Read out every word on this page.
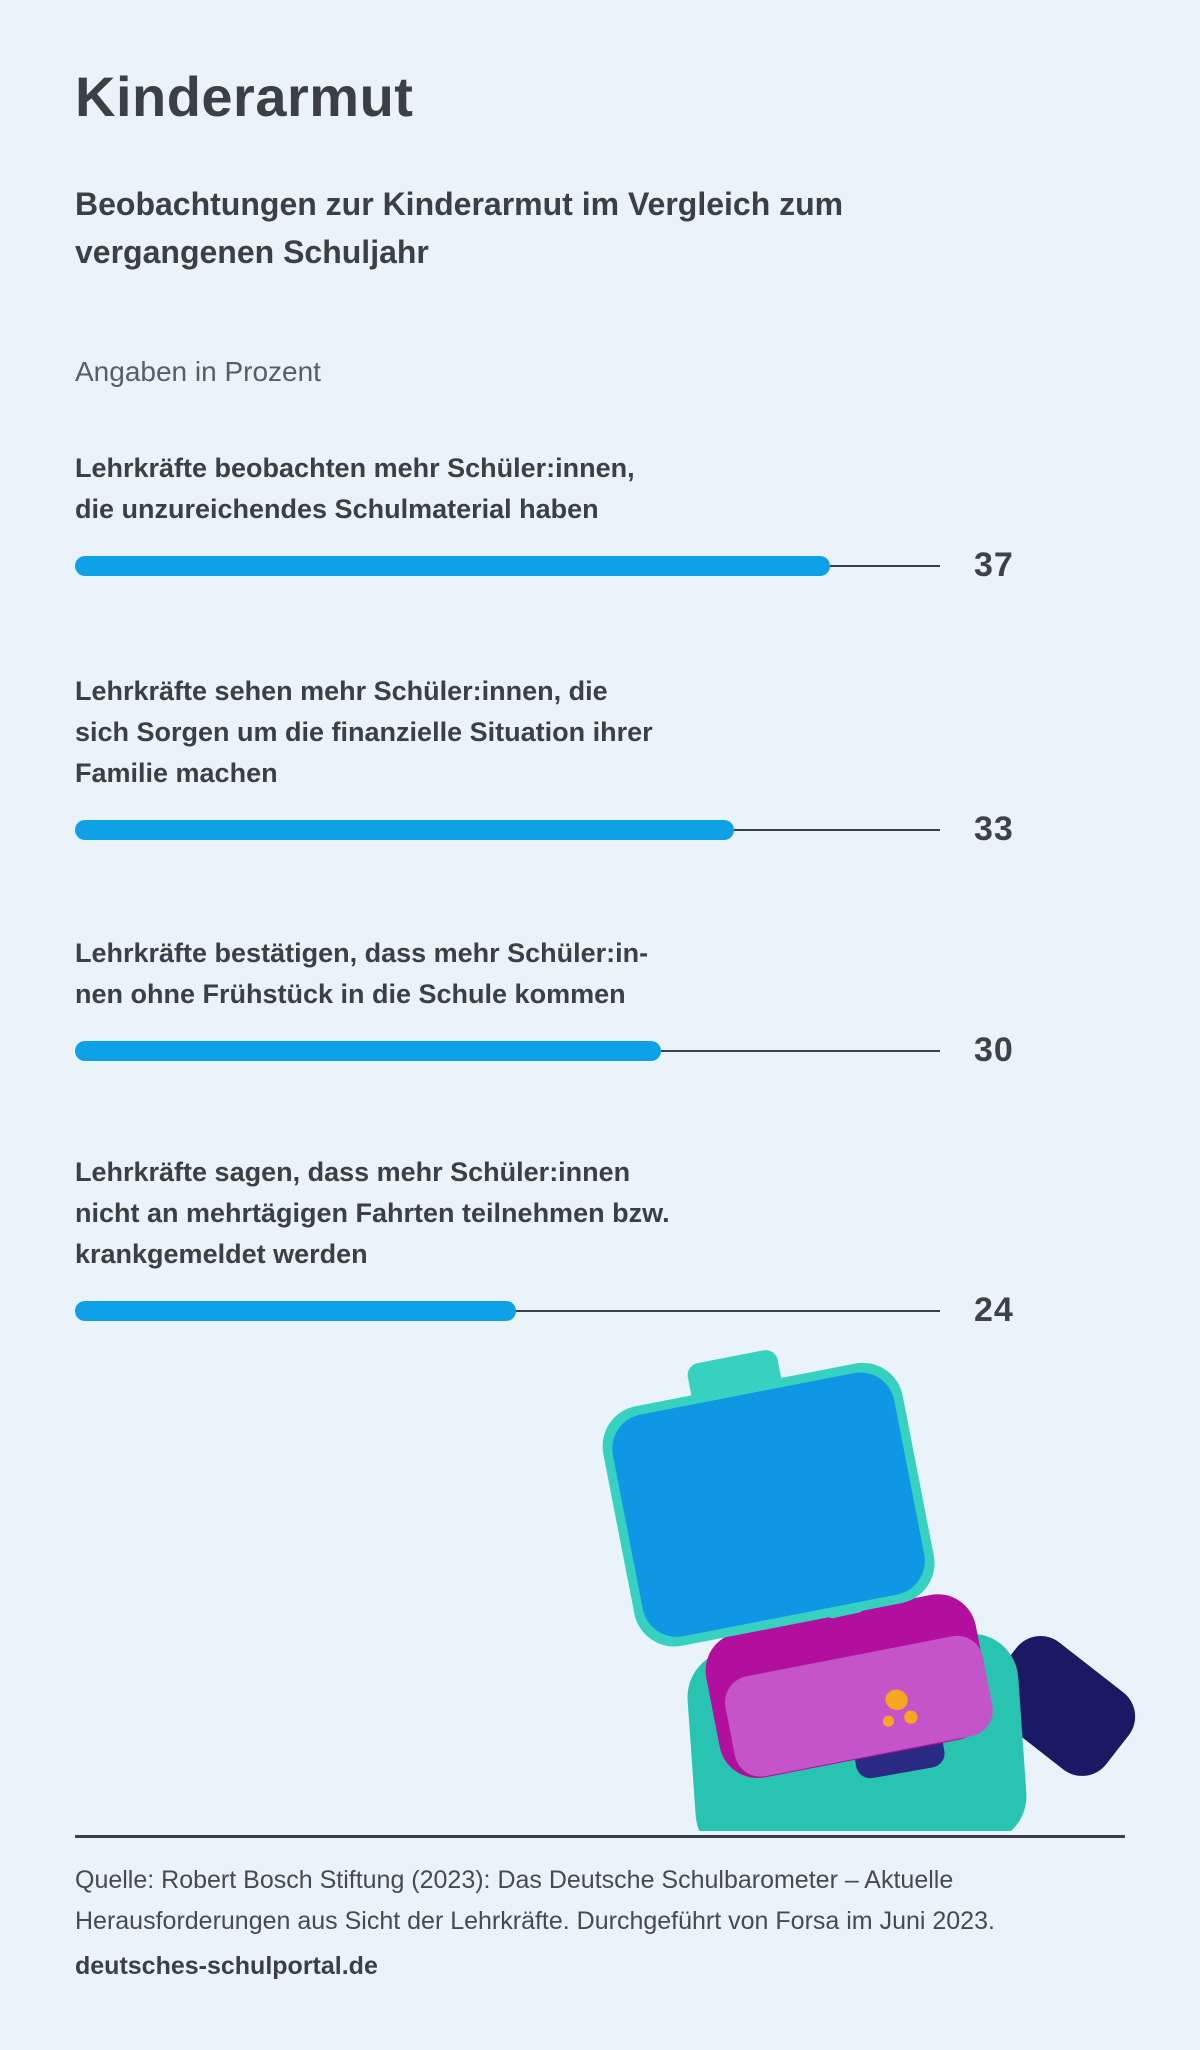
Kinderarmut
Beobachtungen zur Kinderarmut im Vergleich zum vergangenen Schuljahr
Angaben in Prozent
Lehrkräfte beobachten mehr Schüler:innen,
die unzureichendes Schulmaterial haben
37
Lehrkräfte sehen mehr Schüler:innen, die
sich Sorgen um die finanzielle Situation ihrer
Familie machen
33
Lehrkräfte bestätigen, dass mehr Schüler:in-
nen ohne Frühstück in die Schule kommen
30
Lehrkräfte sagen, dass mehr Schüler:innen
nicht an mehrtägigen Fahrten teilnehmen bzw.
krankgemeldet werden
24
Quelle: Robert Bosch Stiftung (2023): Das Deutsche Schulbarometer – Aktuelle
Herausforderungen aus Sicht der Lehrkräfte. Durchgeführt von Forsa im Juni 2023.
deutsches-schulportal.de
